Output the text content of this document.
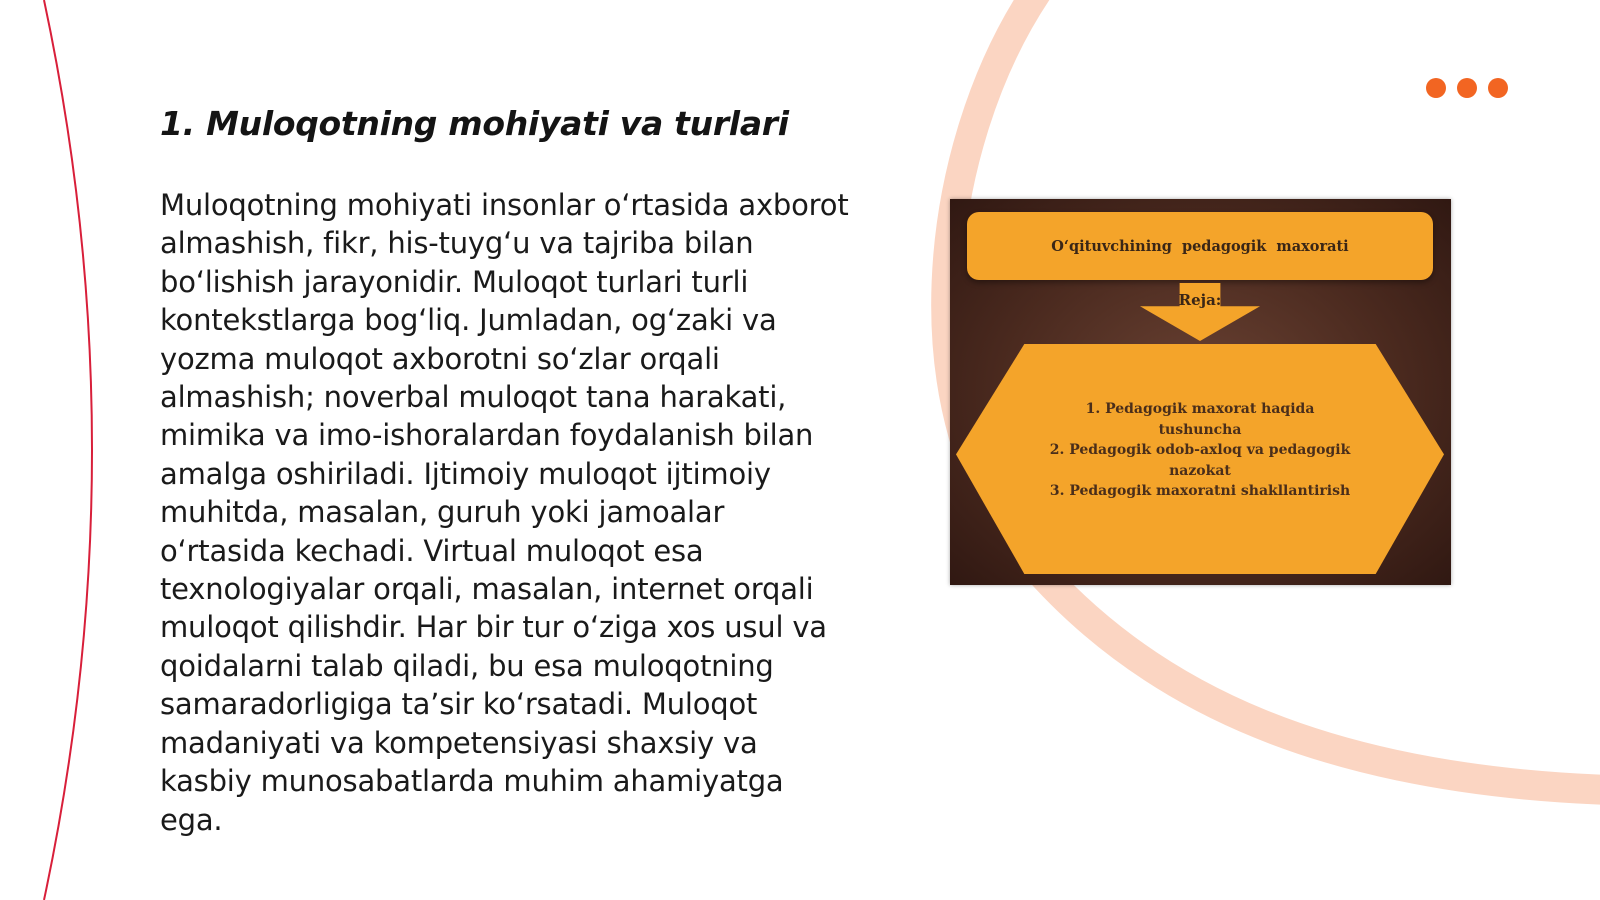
1. Muloqotning mohiyati va turlari

Muloqotning mohiyati insonlar o‘rtasida axborot almashish, fikr, his-tuyg‘u va tajriba bilan bo‘lishish jarayonidir. Muloqot turlari turli kontekstlarga bog‘liq. Jumladan, og‘zaki va yozma muloqot axborotni so‘zlar orqali almashish; noverbal muloqot tana harakati, mimika va imo-ishoralardan foydalanish bilan amalga oshiriladi. Ijtimoiy muloqot ijtimoiy muhitda, masalan, guruh yoki jamoalar o‘rtasida kechadi. Virtual muloqot esa texnologiyalar orqali, masalan, internet orqali muloqot qilishdir. Har bir tur o‘ziga xos usul va qoidalarni talab qiladi, bu esa muloqotning samaradorligiga ta’sir ko‘rsatadi. Muloqot madaniyati va kompetensiyasi shaxsiy va kasbiy munosabatlarda muhim ahamiyatga ega.

O‘qituvchining pedagogik maxorati
Reja:
1. Pedagogik maxorat haqida tushuncha
2. Pedagogik odob-axloq va pedagogik nazokat
3. Pedagogik maxoratni shakllantirish
